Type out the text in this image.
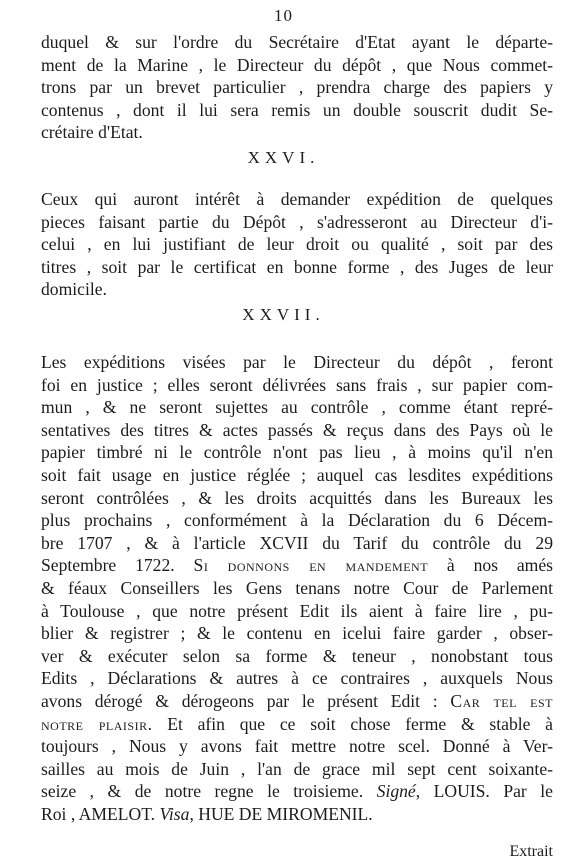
10
duquel & sur l'ordre du Secrétaire d'Etat ayant le départe-
ment de la Marine , le Directeur du dépôt , que Nous commet-
trons par un brevet particulier , prendra charge des papiers y
contenus , dont il lui sera remis un double souscrit dudit Se-
crétaire d'Etat.
XXVI.
Ceux qui auront intérêt à demander expédition de quelques
pieces faisant partie du Dépôt , s'adresseront au Directeur d'i-
celui , en lui justifiant de leur droit ou qualité , soit par des
titres , soit par le certificat en bonne forme , des Juges de leur
domicile.
XXVII.
Les expéditions visées par le Directeur du dépôt , feront
foi en justice ; elles seront délivrées sans frais , sur papier com-
mun , & ne seront sujettes au contrôle , comme étant repré-
sentatives des titres & actes passés & reçus dans des Pays où le
papier timbré ni le contrôle n'ont pas lieu , à moins qu'il n'en
soit fait usage en justice réglée ; auquel cas lesdites expéditions
seront contrôlées , & les droits acquittés dans les Bureaux les
plus prochains , conformément à la Déclaration du 6 Décem-
bre 1707 , & à l'article XCVII du Tarif du contrôle du 29
Septembre 1722. Si donnons en mandement à nos amés
& féaux Conseillers les Gens tenans notre Cour de Parlement
à Toulouse , que notre présent Edit ils aient à faire lire , pu-
blier & registrer ; & le contenu en icelui faire garder , obser-
ver & exécuter selon sa forme & teneur , nonobstant tous
Edits , Déclarations & autres à ce contraires , auxquels Nous
avons dérogé & dérogeons par le présent Edit : Car tel est
notre plaisir. Et afin que ce soit chose ferme & stable à
toujours , Nous y avons fait mettre notre scel. Donné à Ver-
sailles au mois de Juin , l'an de grace mil sept cent soixante-
seize , & de notre regne le troisieme. Signé, LOUIS. Par le
Roi , AMELOT. Visa, HUE DE MIROMENIL.
Extrait
